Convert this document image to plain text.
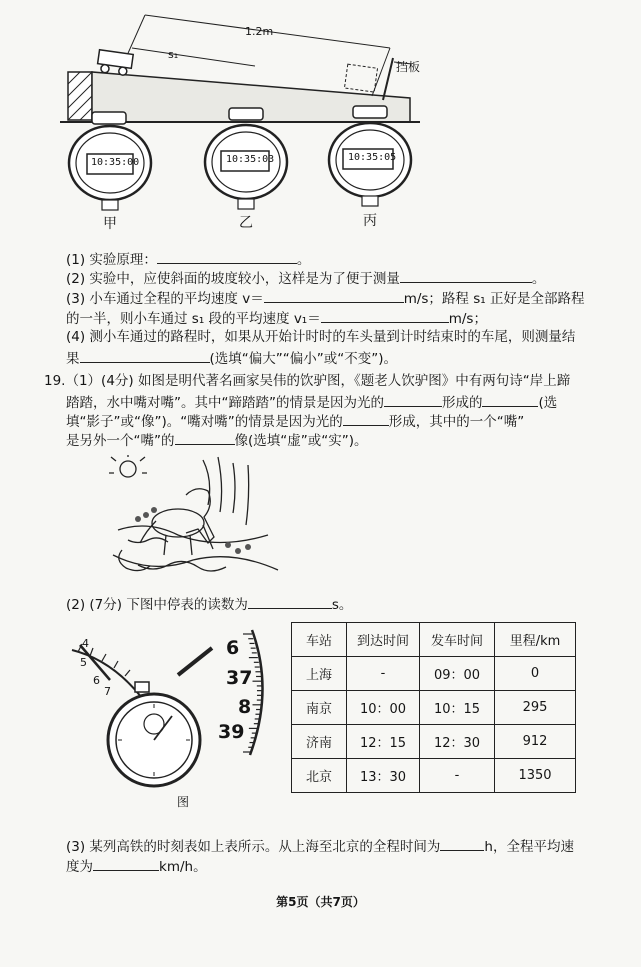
1.2m
s₁
挡板
10:35:00	10:35:03	10:35:05
甲	乙	丙
(1) 实验原理：	。
(2) 实验中，应使斜面的坡度较小，这样是为了便于测量	。
(3) 小车通过全程的平均速度 v＝	m/s；路程 s₁ 正好是全部路程
的一半，则小车通过 s₁ 段的平均速度 v₁＝	m/s；
(4) 测小车通过的路程时，如果从开始计时时的车头量到计时结束时的车尾，则测量结
果	(选填“偏大”“偏小”或“不变”)。
19.（1）(4分) 如图是明代著名画家吴伟的饮驴图，《题老人饮驴图》中有两句诗“岸上蹄
踏踏，水中嘴对嘴”。其中“蹄踏踏”的情景是因为光的	形成的	(选
填“影子”或“像”)。“嘴对嘴”的情景是因为光的	形成，其中的一个“嘴”
是另外一个“嘴”的	像(选填“虚”或“实”)。
(2) (7分) 下图中停表的读数为	s。
4
5
6
7
6
37
8
39
图
车站	到达时间	发车时间	里程/km
上海	-	09：00	0
南京	10：00	10：15	295
济南	12：15	12：30	912
北京	13：30	-	1350
(3) 某列高铁的时刻表如上表所示。从上海至北京的全程时间为	h，全程平均速
度为	km/h。
第5页（共7页）
